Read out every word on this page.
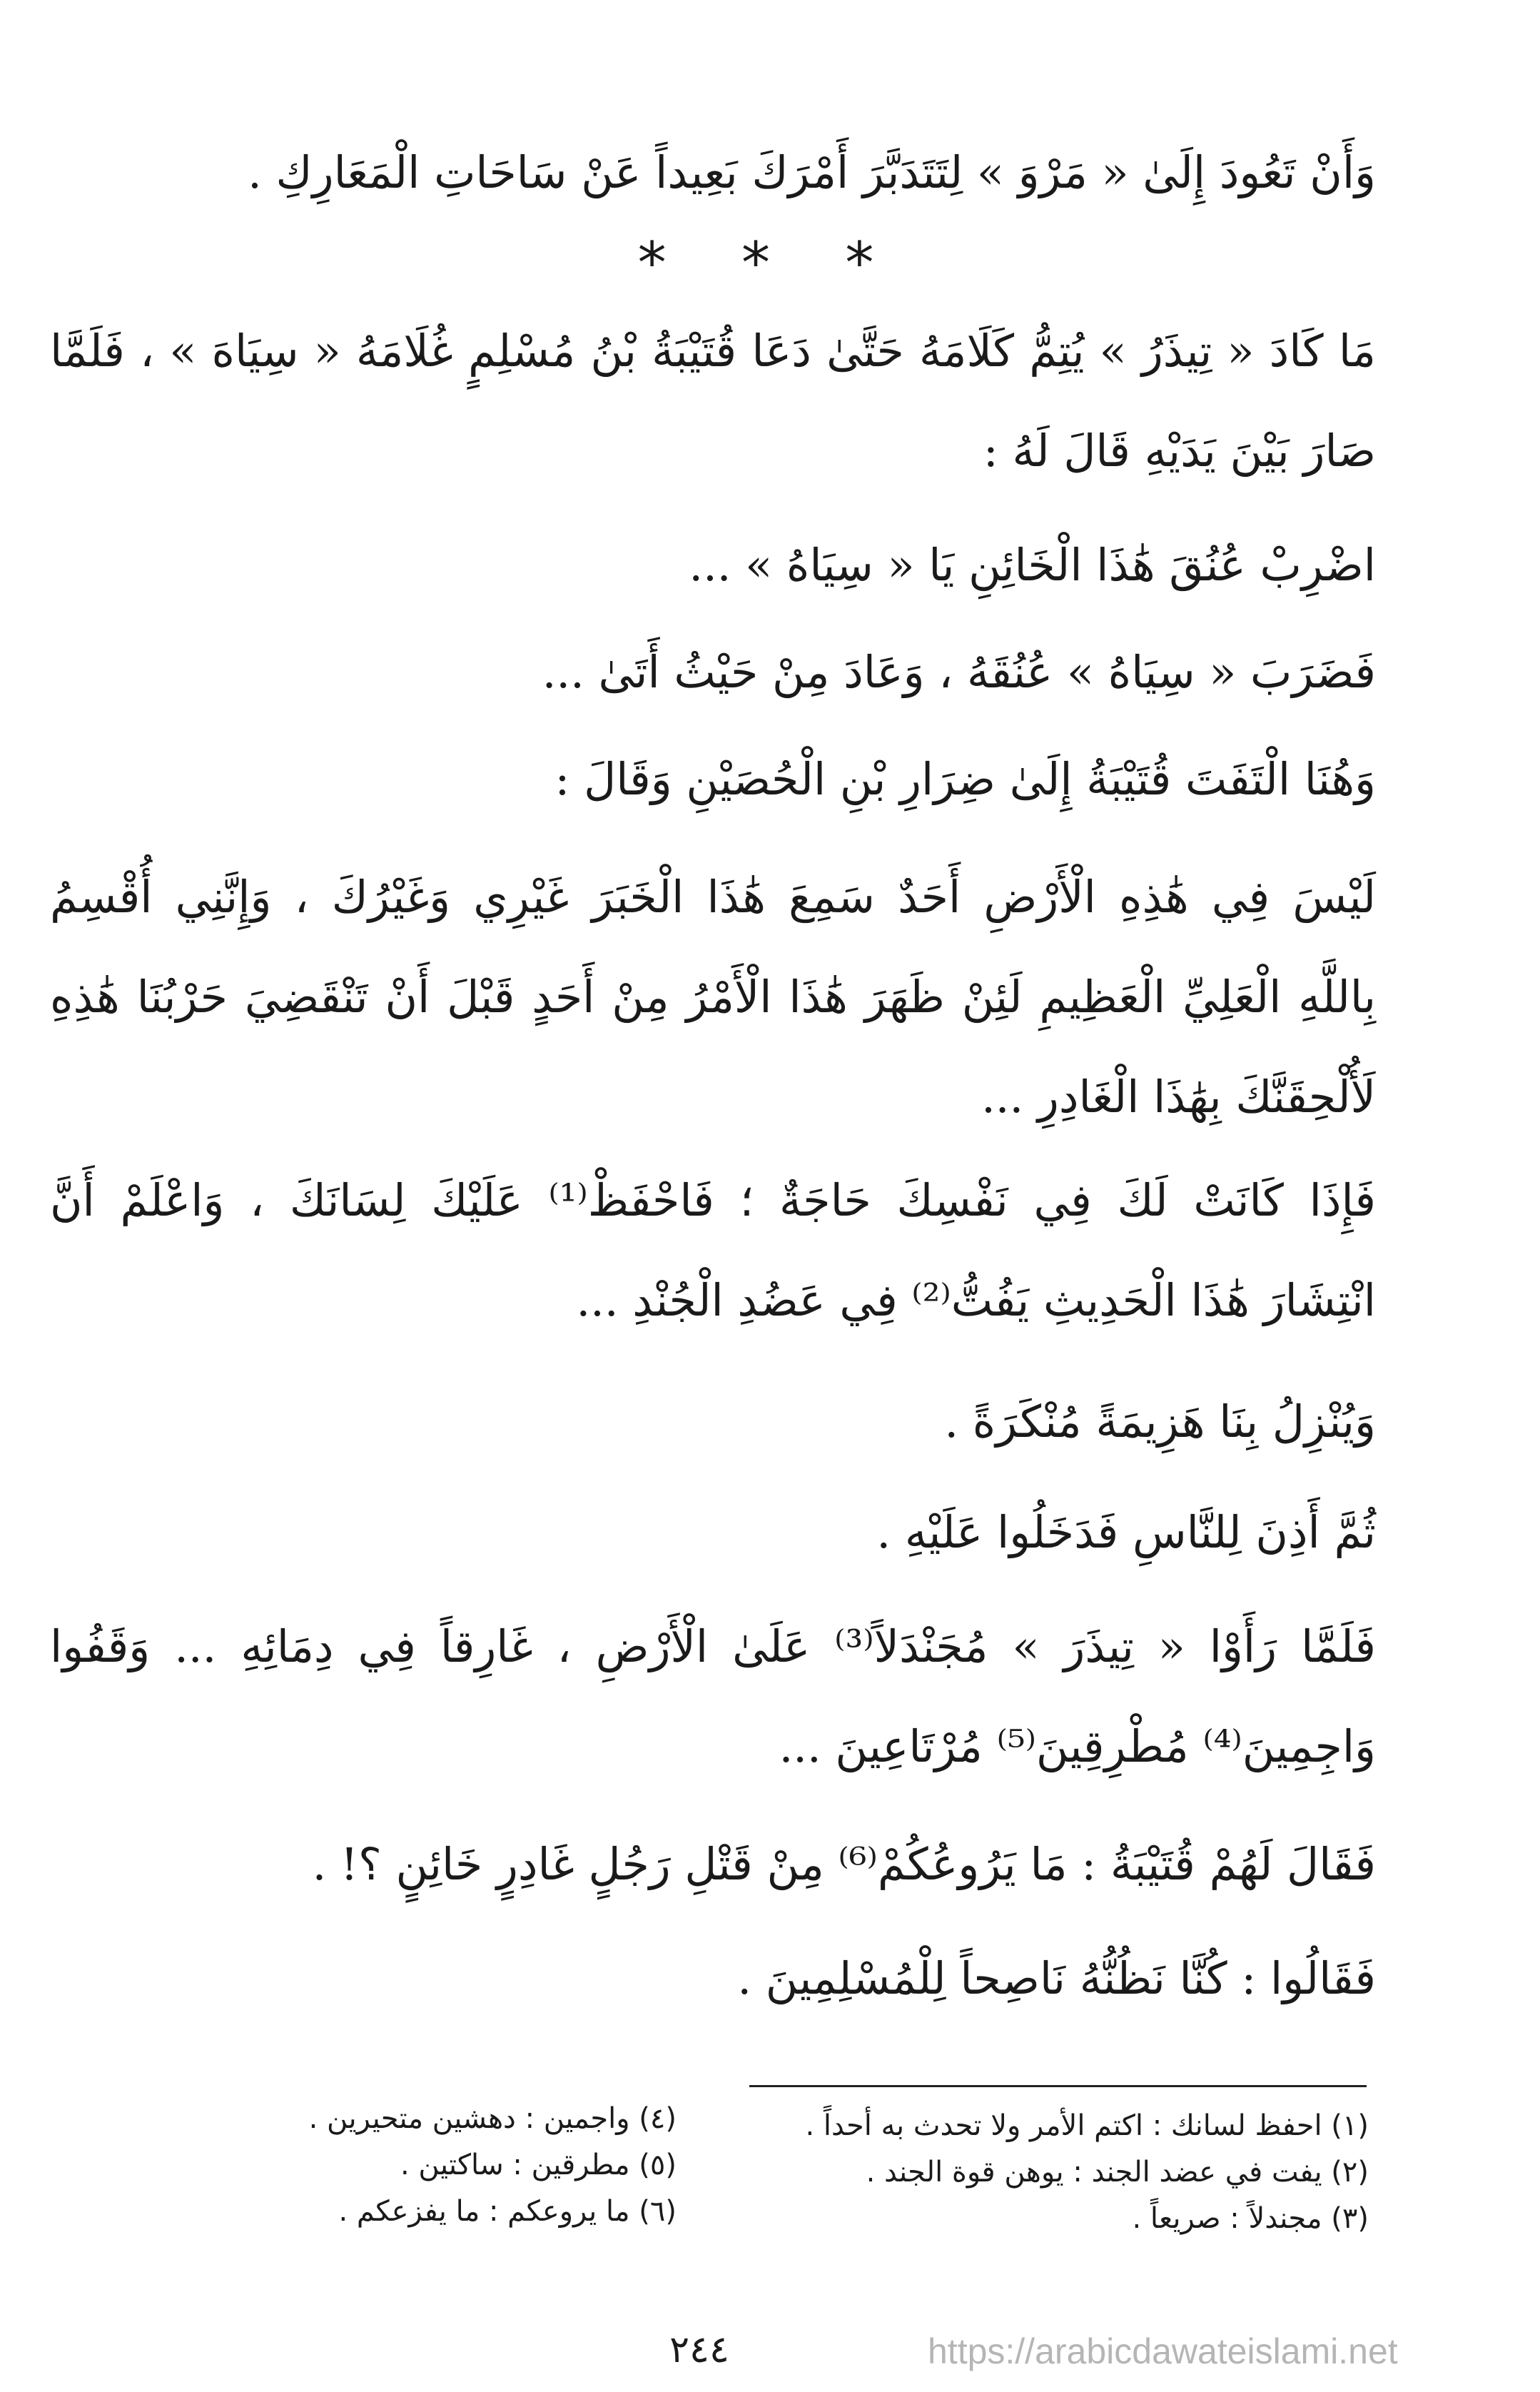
وَأَنْ تَعُودَ إِلَىٰ « مَرْوَ » لِتَتَدَبَّرَ أَمْرَكَ بَعِيداً عَنْ سَاحَاتِ الْمَعَارِكِ .
* * *
مَا كَادَ « تِيذَرُ » يُتِمُّ كَلَامَهُ حَتَّىٰ دَعَا قُتَيْبَةُ بْنُ مُسْلِمٍ غُلَامَهُ « سِيَاهَ » ، فَلَمَّا
صَارَ بَيْنَ يَدَيْهِ قَالَ لَهُ :
اضْرِبْ عُنُقَ هَٰذَا الْخَائِنِ يَا « سِيَاهُ » ...
فَضَرَبَ « سِيَاهُ » عُنُقَهُ ، وَعَادَ مِنْ حَيْثُ أَتَىٰ ...
وَهُنَا الْتَفَتَ قُتَيْبَةُ إِلَىٰ ضِرَارِ بْنِ الْحُصَيْنِ وَقَالَ :
لَيْسَ فِي هَٰذِهِ الْأَرْضِ أَحَدٌ سَمِعَ هَٰذَا الْخَبَرَ غَيْرِي وَغَيْرُكَ ، وَإِنَّنِي أُقْسِمُ
بِاللَّهِ الْعَلِيِّ الْعَظِيمِ لَئِنْ ظَهَرَ هَٰذَا الْأَمْرُ مِنْ أَحَدٍ قَبْلَ أَنْ تَنْقَضِيَ حَرْبُنَا هَٰذِهِ
لَأُلْحِقَنَّكَ بِهَٰذَا الْغَادِرِ ...
فَإِذَا كَانَتْ لَكَ فِي نَفْسِكَ حَاجَةٌ ؛ فَاحْفَظْ⁽¹⁾ عَلَيْكَ لِسَانَكَ ، وَاعْلَمْ أَنَّ
انْتِشَارَ هَٰذَا الْحَدِيثِ يَفُتُّ⁽²⁾ فِي عَضُدِ الْجُنْدِ ...
وَيُنْزِلُ بِنَا هَزِيمَةً مُنْكَرَةً .
ثُمَّ أَذِنَ لِلنَّاسِ فَدَخَلُوا عَلَيْهِ .
فَلَمَّا رَأَوْا « تِيذَرَ » مُجَنْدَلاً⁽³⁾ عَلَىٰ الْأَرْضِ ، غَارِقاً فِي دِمَائِهِ ... وَقَفُوا
وَاجِمِينَ⁽⁴⁾ مُطْرِقِينَ⁽⁵⁾ مُرْتَاعِينَ ...
فَقَالَ لَهُمْ قُتَيْبَةُ : مَا يَرُوعُكُمْ⁽⁶⁾ مِنْ قَتْلِ رَجُلٍ غَادِرٍ خَائِنٍ ؟! .
فَقَالُوا : كُنَّا نَظُنُّهُ نَاصِحاً لِلْمُسْلِمِينَ .
(١) احفظ لسانك : اكتم الأمر ولا تحدث به أحداً .
(٢) يفت في عضد الجند : يوهن قوة الجند .
(٣) مجندلاً : صريعاً .
(٤) واجمين : دهشين متحيرين .
(٥) مطرقين : ساكتين .
(٦) ما يروعكم : ما يفزعكم .
٢٤٤	https://arabicdawateislami.net
